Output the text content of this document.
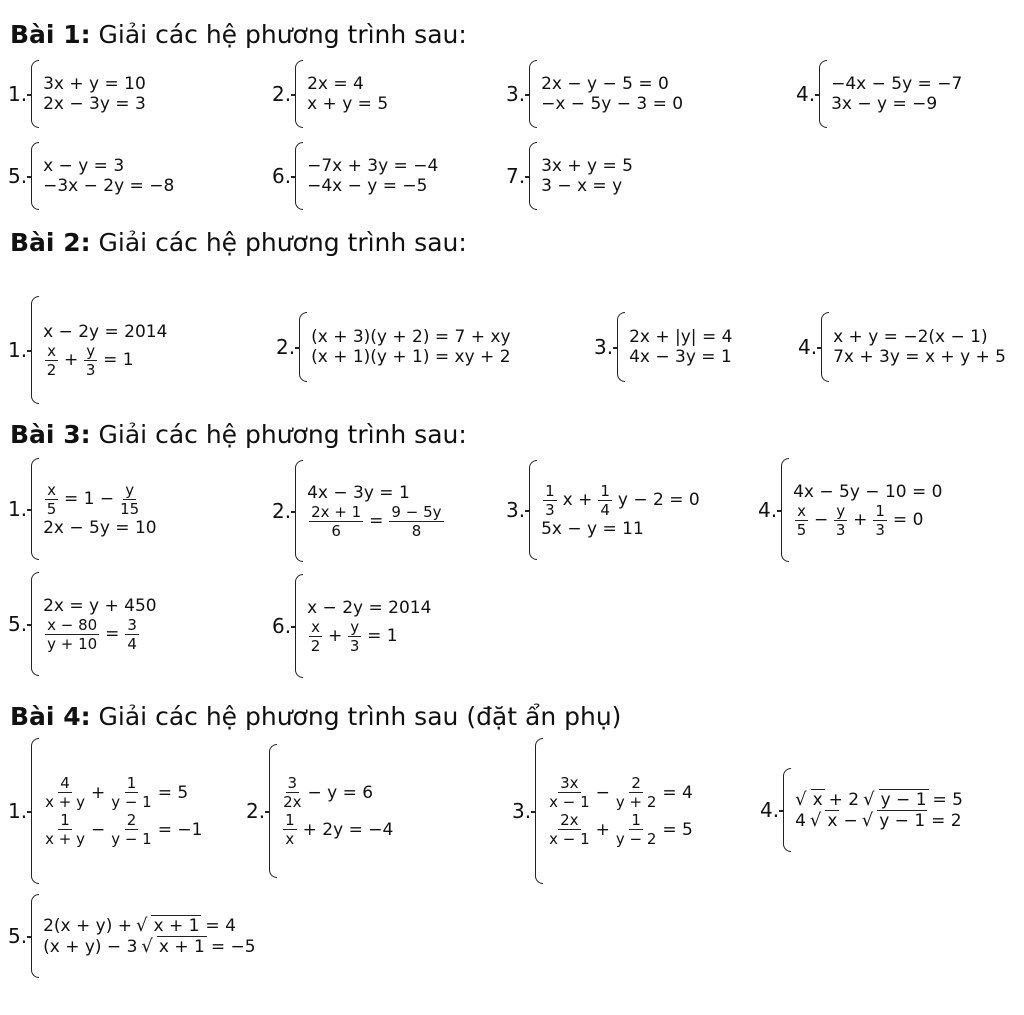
Bài 1: Giải các hệ phương trình sau:
Bài 2: Giải các hệ phương trình sau:
Bài 3: Giải các hệ phương trình sau:
Bài 4: Giải các hệ phương trình sau (đặt ẩn phụ)
1. 3x + y = 10
2x − 3y = 3	2. 2x = 4
x + y = 5	3. 2x − y − 5 = 0
−x − 5y − 3 = 0	4. −4x − 5y = −7
3x − y = −9
5. x − y = 3
−3x − 2y = −8	6. −7x + 3y = −4
−4x − y = −5	7. 3x + y = 5
3 − x = y
1.
x − 2y = 2014
$\frac{x}{2} + \frac{y}{3} = 1$
2. (x + 3)(y + 2) = 7 + xy
(x + 1)(y + 1) = xy + 2	3. 2x + |y| = 4
4x − 3y = 1	4. x + y = −2(x − 1)
7x + 3y = x + y + 5
1. $\frac{x}{5} = 1 - \frac{y}{15}$
2x − 5y = 10
2.
4x − 3y = 1
$\frac{2x + 1}{6} = \frac{9 - 5y}{8}$	3. $\frac{1}{3}$ $x + \frac{1}{4}$ y − 2 = 0
5x − y = 11
4.
4x − 5y − 10 = 0
$\frac{x}{5} - \frac{y}{3} + \frac{1}{3} = 0$
5.
2x = y + 450
$\frac{x - 80}{y + 10} = \frac{3}{4}$	6.
x − 2y = 2014
$\frac{x}{2} + \frac{y}{3} = 1$
1. $\frac{4}{x + y} + \frac{1}{y - 1} = 5$
$\frac{1}{x + y} - \frac{2}{y - 1} = -1$
2. $\frac{3}{2x} - y = 6$
$\frac{1}{x} + 2y = -4$
3. $\frac{3x}{x - 1} - \frac{2}{y + 2} = 4$
$\frac{2x}{x - 1} + \frac{1}{y - 2} = 5$
4. √ x + 2 √ y − 1 = 5
4 √ x − √ y − 1 = 2
5. 2(x + y) + √ x + 1 = 4
(x + y) − 3 √ x + 1 = −5
